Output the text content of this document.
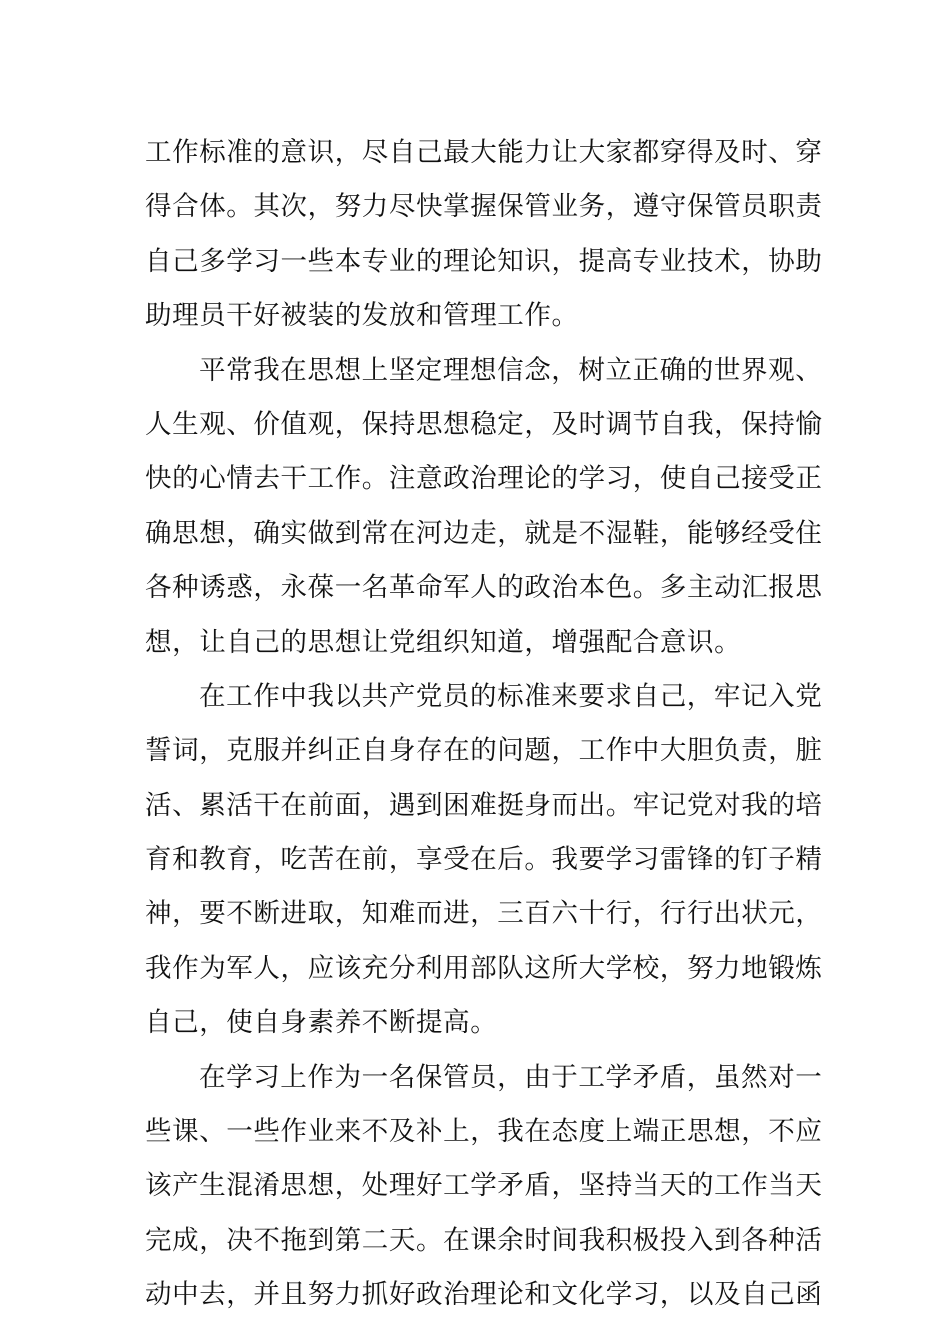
工作标准的意识，尽自己最大能力让大家都穿得及时、穿
得合体。其次，努力尽快掌握保管业务，遵守保管员职责
自己多学习一些本专业的理论知识，提高专业技术，协助
助理员干好被装的发放和管理工作。
平常我在思想上坚定理想信念，树立正确的世界观、
人生观、价值观，保持思想稳定，及时调节自我，保持愉
快的心情去干工作。注意政治理论的学习，使自己接受正
确思想，确实做到常在河边走，就是不湿鞋，能够经受住
各种诱惑，永葆一名革命军人的政治本色。多主动汇报思
想，让自己的思想让党组织知道，增强配合意识。
在工作中我以共产党员的标准来要求自己，牢记入党
誓词，克服并纠正自身存在的问题，工作中大胆负责，脏
活、累活干在前面，遇到困难挺身而出。牢记党对我的培
育和教育，吃苦在前，享受在后。我要学习雷锋的钉子精
神，要不断进取，知难而进，三百六十行，行行出状元，
我作为军人，应该充分利用部队这所大学校，努力地锻炼
自己，使自身素养不断提高。
在学习上作为一名保管员，由于工学矛盾，虽然对一
些课、一些作业来不及补上，我在态度上端正思想，不应
该产生混淆思想，处理好工学矛盾，坚持当天的工作当天
完成，决不拖到第二天。在课余时间我积极投入到各种活
动中去，并且努力抓好政治理论和文化学习，以及自己函
